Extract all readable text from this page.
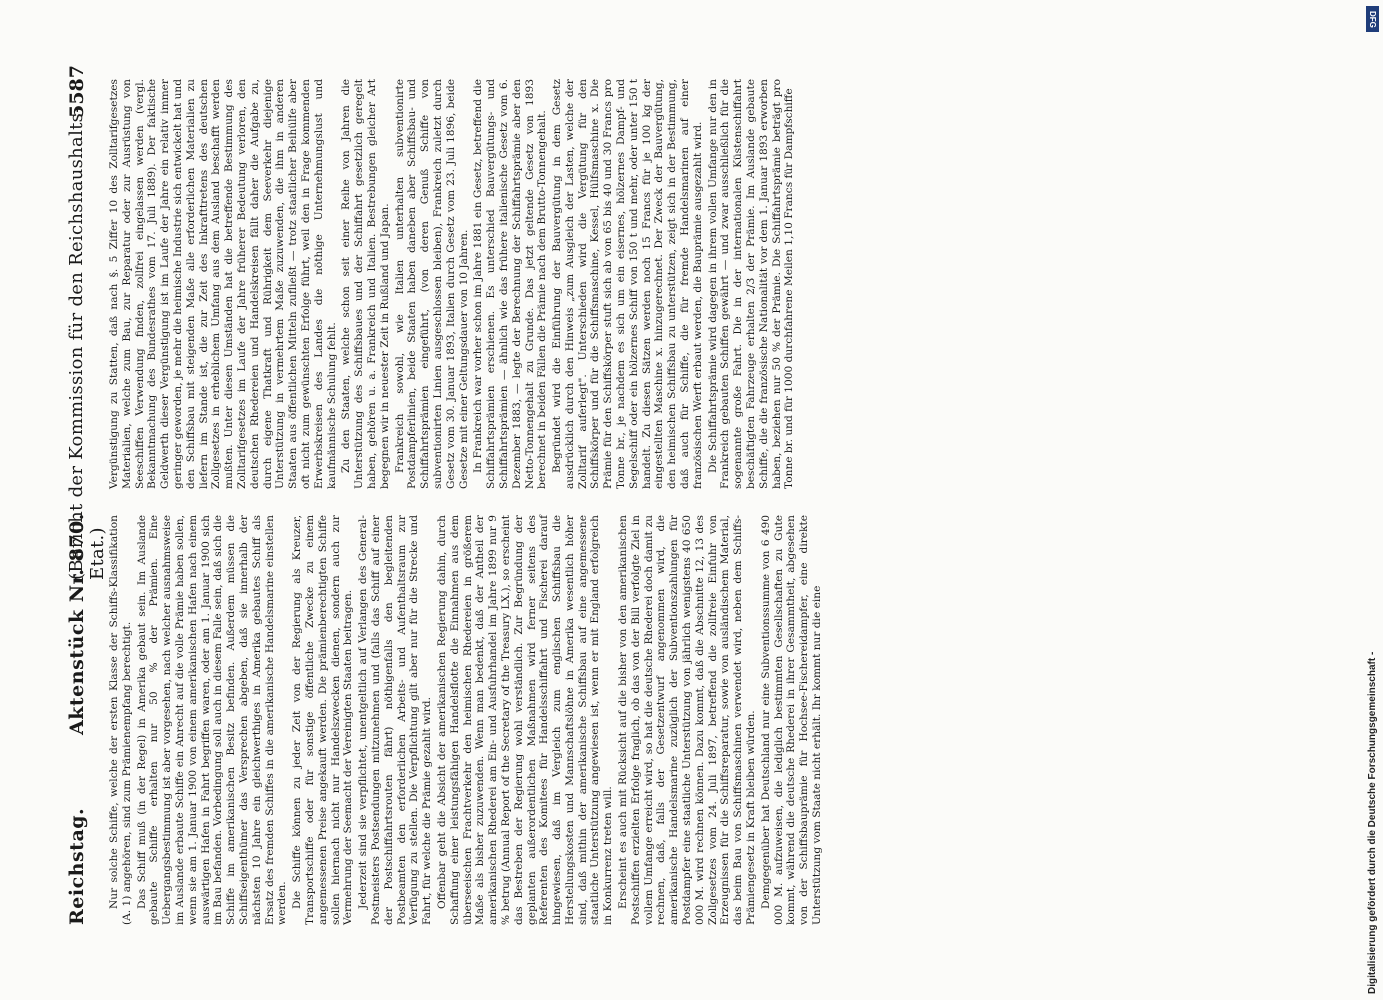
Reichstag.
Aktenstück Nr. 870.
(Bericht der Kommission für den Reichshaushalts-Etat.)
5587

Nur solche Schiffe, welche der ersten Klasse der Schiffs-Klassifikation (A. 1) angehören, sind zum Prämienempfang berechtigt. Das Schiff muß (in der Regel) in Amerika gebaut sein. Im Auslande gebaute Schiffe erhalten nur 50 % der Prämien. Eine Uebergangsbestimmung ist aber vorgesehen, nach welcher ausnahmsweise im Auslande erbaute Schiffe ein Anrecht auf die volle Prämie haben sollen, wenn sie am 1. Januar 1900 von einem amerikanischen Hafen nach einem auswärtigen Hafen in Fahrt begriffen waren, oder am 1. Januar 1900 sich im Bau befanden. Vorbedingung soll auch in diesem Falle sein, daß sich die Schiffe im amerikanischen Besitz befinden. Außerdem müssen die Schiffseigenthümer das Versprechen abgeben, daß sie innerhalb der nächsten 10 Jahre ein gleichwerthiges in Amerika gebautes Schiff als Ersatz des fremden Schiffes in die amerikanische Handelsmarine einstellen werden. Die Schiffe können zu jeder Zeit von der Regierung als Kreuzer, Transportschiffe oder für sonstige öffentliche Zwecke zu einem angemessenen Preise angekauft werden. Die prämienberechtigten Schiffe sollen hiernach nicht nur Handelszwecken dienen, sondern auch zur Vermehrung der Seemacht der Vereinigten Staaten beitragen. Jederzeit sind sie verpflichtet, unentgeltlich auf Verlangen des General-Postmeisters Postsendungen mitzunehmen und (falls das Schiff auf einer der Postschiffahrtsrouten fährt) nöthigenfalls den begleitenden Postbeamten den erforderlichen Arbeits- und Aufenthaltsraum zur Verfügung zu stellen. Die Verpflichtung gilt aber nur für die Strecke und Fahrt, für welche die Prämie gezahlt wird. Offenbar geht die Absicht der amerikanischen Regierung dahin, durch Schaffung einer leistungsfähigen Handelsflotte die Einnahmen aus dem überseeischen Frachtverkehr den heimischen Rhedereien in größerem Maße als bisher zuzuwenden. Wenn man bedenkt, daß der Antheil der amerikanischen Rhederei am Ein- und Ausfuhrhandel im Jahre 1899 nur 9 % betrug (Annual Report of the Secretary of the Treasury LX.), so erscheint das Bestreben der Regierung wohl verständlich. Zur Begründung der geplanten außerordentlichen Maßnahmen wird ferner seitens des Referenten des Komitees für Handelsschiffahrt und Fischerei darauf hingewiesen, daß im Vergleich zum englischen Schiffsbau die Herstellungskosten und Mannschaftslöhne in Amerika wesentlich höher sind, daß mithin der amerikanische Schiffsbau auf eine angemessene staatliche Unterstützung angewiesen ist, wenn er mit England erfolgreich in Konkurrenz treten will. Erscheint es auch mit Rücksicht auf die bisher von den amerikanischen Postschiffen erzielten Erfolge fraglich, ob das von der Bill verfolgte Ziel in vollem Umfange erreicht wird, so hat die deutsche Rhederei doch damit zu rechnen, daß, falls der Gesetzentwurf angenommen wird, die amerikanische Handelsmarine zuzüglich der Subventionszahlungen für Postdampfer eine staatliche Unterstützung von jährlich wenigstens 40 650 000 M. wird rechnen können. Dazu kommt, daß die Abschnitte 12, 13 des Zollgesetzes vom 24. Juli 1897, betreffend die zollfreie Einfuhr von Erzeugnissen für die Schiffsreparatur, sowie von ausländischem Material, das beim Bau von Schiffsmaschinen verwendet wird, neben dem Schiffs-Prämiengesetz in Kraft bleiben würden. Demgegenüber hat Deutschland nur eine Subventionssumme von 6 490 000 M. aufzuweisen, die lediglich bestimmten Gesellschaften zu Gute kommt, während die deutsche Rhederei in ihrer Gesammtheit, abgesehen von der Schiffsbauprämie für Hochsee-Fischereidampfer, eine direkte Unterstützung vom Staate nicht erhält. Ihr kommt nur die eine

Vergünstigung zu Statten, daß nach §. 5 Ziffer 10 des Zolltarifgesetzes Materialien, welche zum Bau, zur Reparatur oder zur Ausrüstung von Seeschiffen Verwendung finden, zollfrei eingelassen werden (vergl. Bekanntmachung des Bundesrathes vom 17. Juli 1889). Der faktische Geldwerth dieser Vergünstigung ist im Laufe der Jahre ein relativ immer geringer geworden, je mehr die heimische Industrie sich entwickelt hat und den Schiffsbau mit steigenden Maße alle erforderlichen Materialien zu liefern im Stande ist, die zur Zeit des Inkrafttretens des deutschen Zollgesetzes in erheblichem Umfang aus dem Ausland beschafft werden mußten. Unter diesen Umständen hat die betreffende Bestimmung des Zolltarifgesetzes im Laufe der Jahre früherer Bedeutung verloren, den deutschen Rhedereien und Handelskreisen fällt daher die Aufgabe zu, durch eigene Thatkraft und Rührigkeit dem Seeverkehr diejenige Unterstützung in vermehrtem Maße zuzuwenden, die ihm in anderen Staaten aus öffentlichen Mitteln zufließt — trotz staatlicher Beihülfe aber oft nicht zum gewünschten Erfolge führt, weil den in Frage kommenden Erwerbskreisen des Landes die nöthige Unternehmungslust und kaufmännische Schulung fehlt. Zu den Staaten, welche schon seit einer Reihe von Jahren die Unterstützung des Schiffsbaues und der Schiffahrt gesetzlich geregelt haben, gehören u. a. Frankreich und Italien. Bestrebungen gleicher Art begegnen wir in neuester Zeit in Rußland und Japan. Frankreich sowohl, wie Italien unterhalten subventionirte Postdampferlinien, beide Staaten haben daneben aber Schiffsbau- und Schiffahrtsprämien eingeführt, (von deren Genuß Schiffe von subventionirten Linien ausgeschlossen bleiben), Frankreich zuletzt durch Gesetz vom 30. Januar 1893, Italien durch Gesetz vom 23. Juli 1896, beide Gesetze mit einer Geltungsdauer von 10 Jahren. In Frankreich war vorher schon im Jahre 1881 ein Gesetz, betreffend die Schiffahrtsprämien erschienen. Es unterschied Bauvergütungs- und Schiffahrtsprämien — ähnlich wie das frühere italienische Gesetz vom 6. Dezember 1883, — legte der Berechnung der Schiffahrtsprämie aber den Netto-Tonnengehalt zu Grunde. Das jetzt geltende Gesetz von 1893 berechnet in beiden Fällen die Prämie nach dem Brutto-Tonnengehalt. Begründet wird die Einführung der Bauvergütung in dem Gesetz ausdrücklich durch den Hinweis „zum Ausgleich der Lasten, welche der Zolltarif auferlegt". Unterschieden wird die Vergütung für den Schiffskörper und für die Schiffsmaschine, Kessel, Hülfsmaschine x. Die Prämie für den Schiffskörper stuft sich ab von 65 bis 40 und 30 Francs pro Tonne br., je nachdem es sich um ein eisernes, hölzernes Dampf- und Segelschiff oder ein hölzernes Schiff von 150 t und mehr, oder unter 150 t handelt. Zu diesen Sätzen werden noch 15 Francs für je 100 kg der eingestellten Maschine x. hinzugerechnet. Der Zweck der Bauvergütung, den heimischen Schiffsbau zu unterstützen, zeigt sich in der Bestimmung, daß auch für Schiffe, die für fremde Handelsmarinen auf einer französischen Werft erbaut werden, die Bauprämie ausgezahlt wird. Die Schiffahrtsprämie wird dagegen in ihrem vollen Umfange nur den in Frankreich gebauten Schiffen gewährt — und zwar ausschließlich für die sogenannte große Fahrt. Die in der internationalen Küstenschiffahrt beschäftigten Fahrzeuge erhalten 2/3 der Prämie. Im Auslande gebaute Schiffe, die die französische Nationalität vor dem 1. Januar 1893 erworben haben, beziehen nur 50 % der Prämie. Die Schiffahrtsprämie beträgt pro Tonne br. und für 1000 durchfahrene Meilen 1,10 Francs für Dampfschiffe

Digitalisierung gefördert durch die Deutsche Forschungsgemeinschaft -
DFG
